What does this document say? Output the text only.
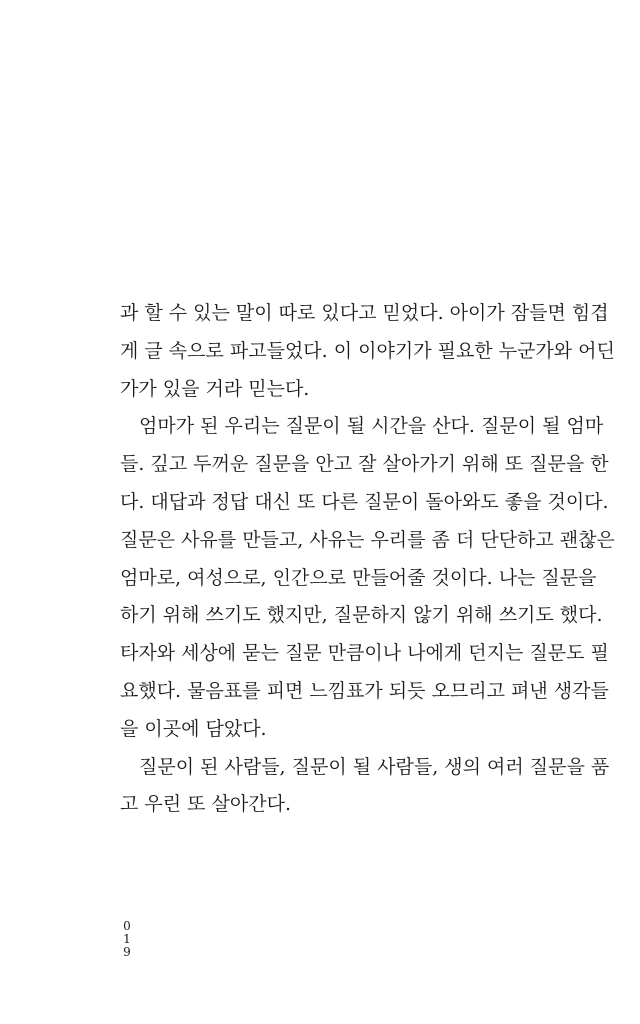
과 할 수 있는 말이 따로 있다고 믿었다. 아이가 잠들면 힘겹
게 글 속으로 파고들었다. 이 이야기가 필요한 누군가와 어딘
가가 있을 거라 믿는다.
엄마가 된 우리는 질문이 될 시간을 산다. 질문이 될 엄마
들. 깊고 두꺼운 질문을 안고 잘 살아가기 위해 또 질문을 한
다. 대답과 정답 대신 또 다른 질문이 돌아와도 좋을 것이다.
질문은 사유를 만들고, 사유는 우리를 좀 더 단단하고 괜찮은
엄마로, 여성으로, 인간으로 만들어줄 것이다. 나는 질문을
하기 위해 쓰기도 했지만, 질문하지 않기 위해 쓰기도 했다.
타자와 세상에 묻는 질문 만큼이나 나에게 던지는 질문도 필
요했다. 물음표를 피면 느낌표가 되듯 오므리고 펴낸 생각들
을 이곳에 담았다.
질문이 된 사람들, 질문이 될 사람들, 생의 여러 질문을 품
고 우린 또 살아간다.
0
1
9
